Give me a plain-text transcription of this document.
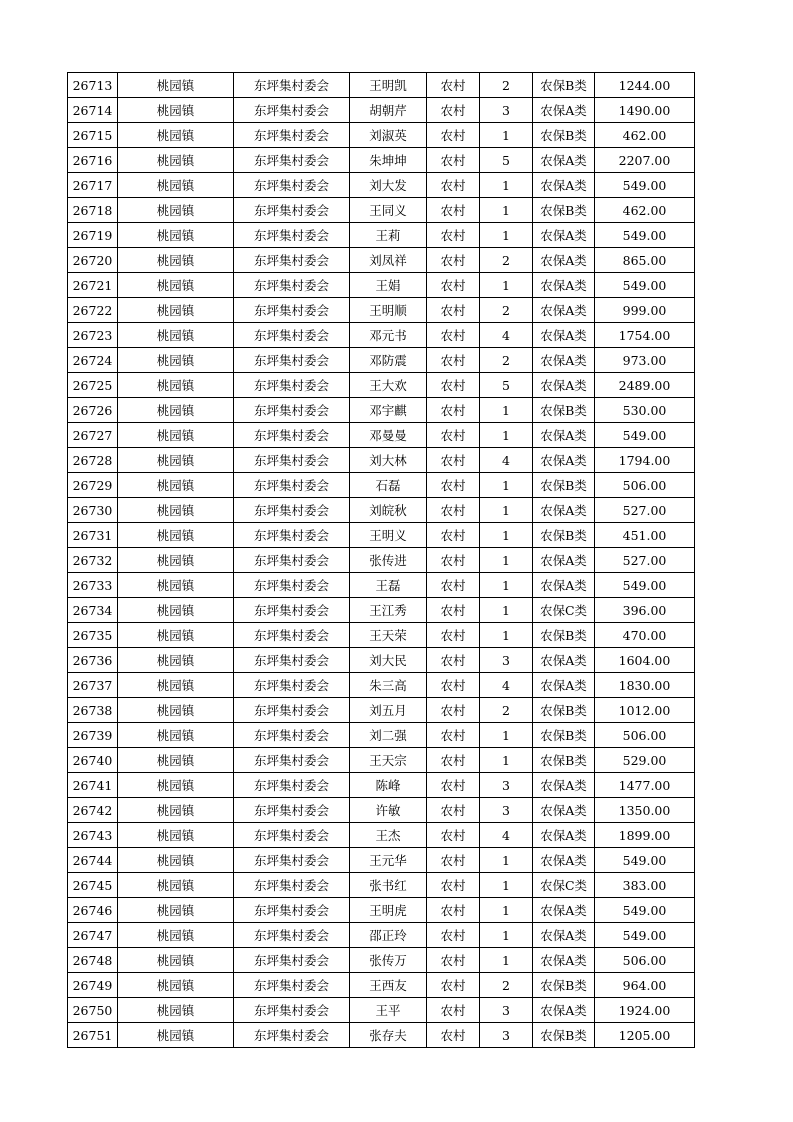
26713	桃园镇	东坪集村委会	王明凯	农村	2	农保B类	1244.00
26714	桃园镇	东坪集村委会	胡朝芹	农村	3	农保A类	1490.00
26715	桃园镇	东坪集村委会	刘淑英	农村	1	农保B类	462.00
26716	桃园镇	东坪集村委会	朱坤坤	农村	5	农保A类	2207.00
26717	桃园镇	东坪集村委会	刘大发	农村	1	农保A类	549.00
26718	桃园镇	东坪集村委会	王同义	农村	1	农保B类	462.00
26719	桃园镇	东坪集村委会	王莉	农村	1	农保A类	549.00
26720	桃园镇	东坪集村委会	刘凤祥	农村	2	农保A类	865.00
26721	桃园镇	东坪集村委会	王娟	农村	1	农保A类	549.00
26722	桃园镇	东坪集村委会	王明顺	农村	2	农保A类	999.00
26723	桃园镇	东坪集村委会	邓元书	农村	4	农保A类	1754.00
26724	桃园镇	东坪集村委会	邓防震	农村	2	农保A类	973.00
26725	桃园镇	东坪集村委会	王大欢	农村	5	农保A类	2489.00
26726	桃园镇	东坪集村委会	邓宇麒	农村	1	农保B类	530.00
26727	桃园镇	东坪集村委会	邓曼曼	农村	1	农保A类	549.00
26728	桃园镇	东坪集村委会	刘大林	农村	4	农保A类	1794.00
26729	桃园镇	东坪集村委会	石磊	农村	1	农保B类	506.00
26730	桃园镇	东坪集村委会	刘皖秋	农村	1	农保A类	527.00
26731	桃园镇	东坪集村委会	王明义	农村	1	农保B类	451.00
26732	桃园镇	东坪集村委会	张传进	农村	1	农保A类	527.00
26733	桃园镇	东坪集村委会	王磊	农村	1	农保A类	549.00
26734	桃园镇	东坪集村委会	王江秀	农村	1	农保C类	396.00
26735	桃园镇	东坪集村委会	王天荣	农村	1	农保B类	470.00
26736	桃园镇	东坪集村委会	刘大民	农村	3	农保A类	1604.00
26737	桃园镇	东坪集村委会	朱三高	农村	4	农保A类	1830.00
26738	桃园镇	东坪集村委会	刘五月	农村	2	农保B类	1012.00
26739	桃园镇	东坪集村委会	刘二强	农村	1	农保B类	506.00
26740	桃园镇	东坪集村委会	王天宗	农村	1	农保B类	529.00
26741	桃园镇	东坪集村委会	陈峰	农村	3	农保A类	1477.00
26742	桃园镇	东坪集村委会	许敏	农村	3	农保A类	1350.00
26743	桃园镇	东坪集村委会	王杰	农村	4	农保A类	1899.00
26744	桃园镇	东坪集村委会	王元华	农村	1	农保A类	549.00
26745	桃园镇	东坪集村委会	张书红	农村	1	农保C类	383.00
26746	桃园镇	东坪集村委会	王明虎	农村	1	农保A类	549.00
26747	桃园镇	东坪集村委会	邵正玲	农村	1	农保A类	549.00
26748	桃园镇	东坪集村委会	张传万	农村	1	农保A类	506.00
26749	桃园镇	东坪集村委会	王西友	农村	2	农保B类	964.00
26750	桃园镇	东坪集村委会	王平	农村	3	农保A类	1924.00
26751	桃园镇	东坪集村委会	张存夫	农村	3	农保B类	1205.00
